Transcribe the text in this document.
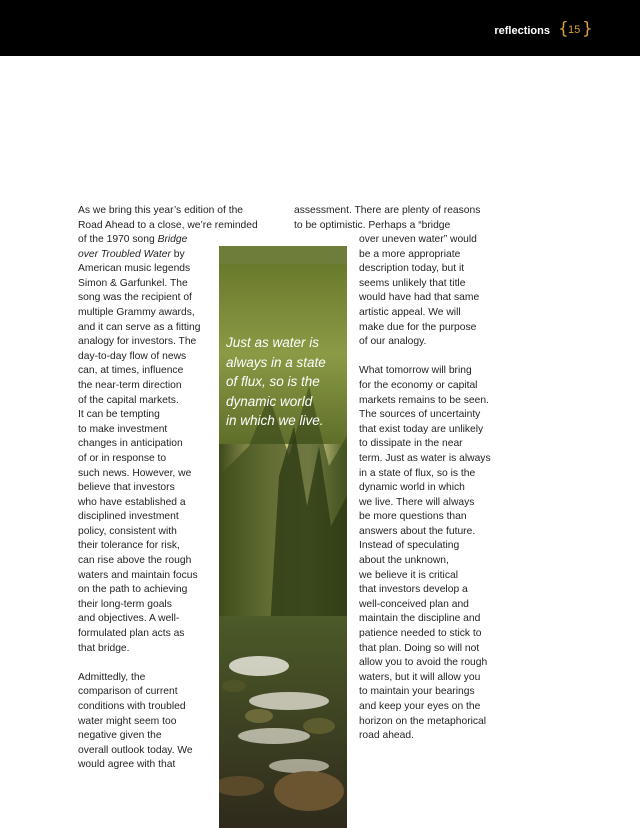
reflections { 15 }
Just as water is
always in a state
of flux, so is the
dynamic world
in which we live.
As we bring this year’s edition of the
Road Ahead to a close, we’re reminded
of the 1970 song Bridge
over Troubled Water by
American music legends
Simon & Garfunkel. The
song was the recipient of
multiple Grammy awards,
and it can serve as a fitting
analogy for investors. The
day-to-day flow of news
can, at times, influence
the near-term direction
of the capital markets.
It can be tempting
to make investment
changes in anticipation
of or in response to
such news. However, we
believe that investors
who have established a
disciplined investment
policy, consistent with
their tolerance for risk,
can rise above the rough
waters and maintain focus
on the path to achieving
their long-term goals
and objectives. A well-
formulated plan acts as
that bridge.
Admittedly, the
comparison of current
conditions with troubled
water might seem too
negative given the
overall outlook today. We
would agree with that
assessment. There are plenty of reasons
to be optimistic. Perhaps a “bridge
over uneven water” would
be a more appropriate
description today, but it
seems unlikely that title
would have had that same
artistic appeal. We will
make due for the purpose
of our analogy.
What tomorrow will bring
for the economy or capital
markets remains to be seen.
The sources of uncertainty
that exist today are unlikely
to dissipate in the near
term. Just as water is always
in a state of flux, so is the
dynamic world in which
we live. There will always
be more questions than
answers about the future.
Instead of speculating
about the unknown,
we believe it is critical
that investors develop a
well-conceived plan and
maintain the discipline and
patience needed to stick to
that plan. Doing so will not
allow you to avoid the rough
waters, but it will allow you
to maintain your bearings
and keep your eyes on the
horizon on the metaphorical
road ahead.
